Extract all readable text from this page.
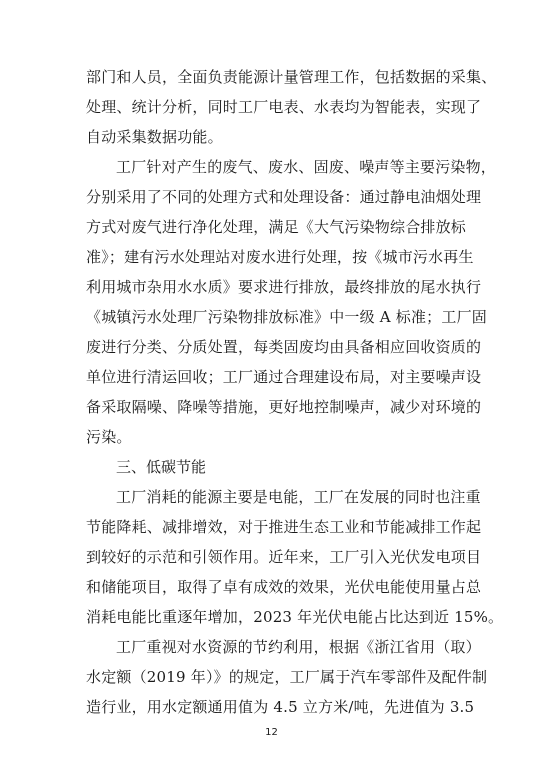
部门和人员，全面负责能源计量管理工作，包括数据的采集、
处理、统计分析，同时工厂电表、水表均为智能表，实现了
自动采集数据功能。
工厂针对产生的废气、废水、固废、噪声等主要污染物，
分别采用了不同的处理方式和处理设备：通过静电油烟处理
方式对废气进行净化处理，满足《大气污染物综合排放标
准》；建有污水处理站对废水进行处理，按《城市污水再生
利用城市杂用水水质》要求进行排放，最终排放的尾水执行
《城镇污水处理厂污染物排放标准》中一级 A 标准；工厂固
废进行分类、分质处置，每类固废均由具备相应回收资质的
单位进行清运回收；工厂通过合理建设布局，对主要噪声设
备采取隔噪、降噪等措施，更好地控制噪声，减少对环境的
污染。
三、低碳节能
工厂消耗的能源主要是电能，工厂在发展的同时也注重
节能降耗、减排增效，对于推进生态工业和节能减排工作起
到较好的示范和引领作用。近年来，工厂引入光伏发电项目
和储能项目，取得了卓有成效的效果，光伏电能使用量占总
消耗电能比重逐年增加，2023 年光伏电能占比达到近 15%。
工厂重视对水资源的节约利用，根据《浙江省用（取）
水定额（2019 年）》的规定，工厂属于汽车零部件及配件制
造行业，用水定额通用值为 4.5 立方米/吨，先进值为 3.5
12
